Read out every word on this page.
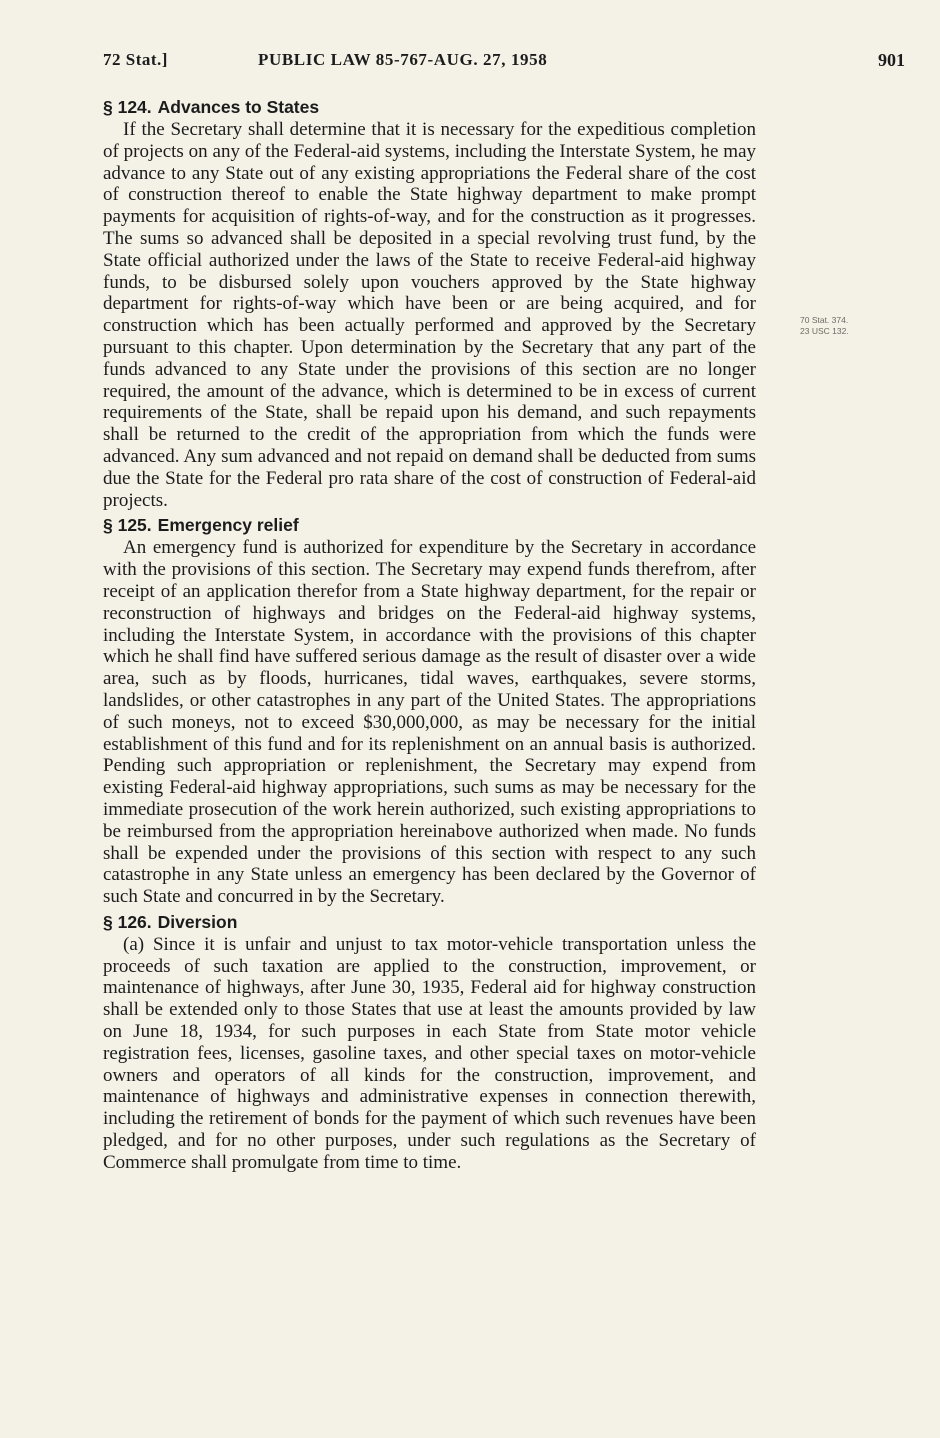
72 Stat.]	PUBLIC LAW 85-767-AUG. 27, 1958	901
70 Stat. 374.
23 USC 132.
§ 124. Advances to States

If the Secretary shall determine that it is necessary for the expeditious completion of projects on any of the Federal-aid systems, including the Interstate System, he may advance to any State out of any existing appropriations the Federal share of the cost of construction thereof to enable the State highway department to make prompt payments for acquisition of rights-of-way, and for the construction as it progresses. The sums so advanced shall be deposited in a special revolving trust fund, by the State official authorized under the laws of the State to receive Federal-aid highway funds, to be disbursed solely upon vouchers approved by the State highway department for rights-of-way which have been or are being acquired, and for construction which has been actually performed and approved by the Secretary pursuant to this chapter. Upon determination by the Secretary that any part of the funds advanced to any State under the provisions of this section are no longer required, the amount of the advance, which is determined to be in excess of current requirements of the State, shall be repaid upon his demand, and such repayments shall be returned to the credit of the appropriation from which the funds were advanced. Any sum advanced and not repaid on demand shall be deducted from sums due the State for the Federal pro rata share of the cost of construction of Federal-aid projects.

§ 125. Emergency relief

An emergency fund is authorized for expenditure by the Secretary in accordance with the provisions of this section. The Secretary may expend funds therefrom, after receipt of an application therefor from a State highway department, for the repair or reconstruction of highways and bridges on the Federal-aid highway systems, including the Interstate System, in accordance with the provisions of this chapter which he shall find have suffered serious damage as the result of disaster over a wide area, such as by floods, hurricanes, tidal waves, earthquakes, severe storms, landslides, or other catastrophes in any part of the United States. The appropriations of such moneys, not to exceed $30,000,000, as may be necessary for the initial establishment of this fund and for its replenishment on an annual basis is authorized. Pending such appropriation or replenishment, the Secretary may expend from existing Federal-aid highway appropriations, such sums as may be necessary for the immediate prosecution of the work herein authorized, such existing appropriations to be reimbursed from the appropriation hereinabove authorized when made. No funds shall be expended under the provisions of this section with respect to any such catastrophe in any State unless an emergency has been declared by the Governor of such State and concurred in by the Secretary.

§ 126. Diversion

(a) Since it is unfair and unjust to tax motor-vehicle transportation unless the proceeds of such taxation are applied to the construction, improvement, or maintenance of highways, after June 30, 1935, Federal aid for highway construction shall be extended only to those States that use at least the amounts provided by law on June 18, 1934, for such purposes in each State from State motor vehicle registration fees, licenses, gasoline taxes, and other special taxes on motor-vehicle owners and operators of all kinds for the construction, improvement, and maintenance of highways and administrative expenses in connection therewith, including the retirement of bonds for the payment of which such revenues have been pledged, and for no other purposes, under such regulations as the Secretary of Commerce shall promulgate from time to time.
